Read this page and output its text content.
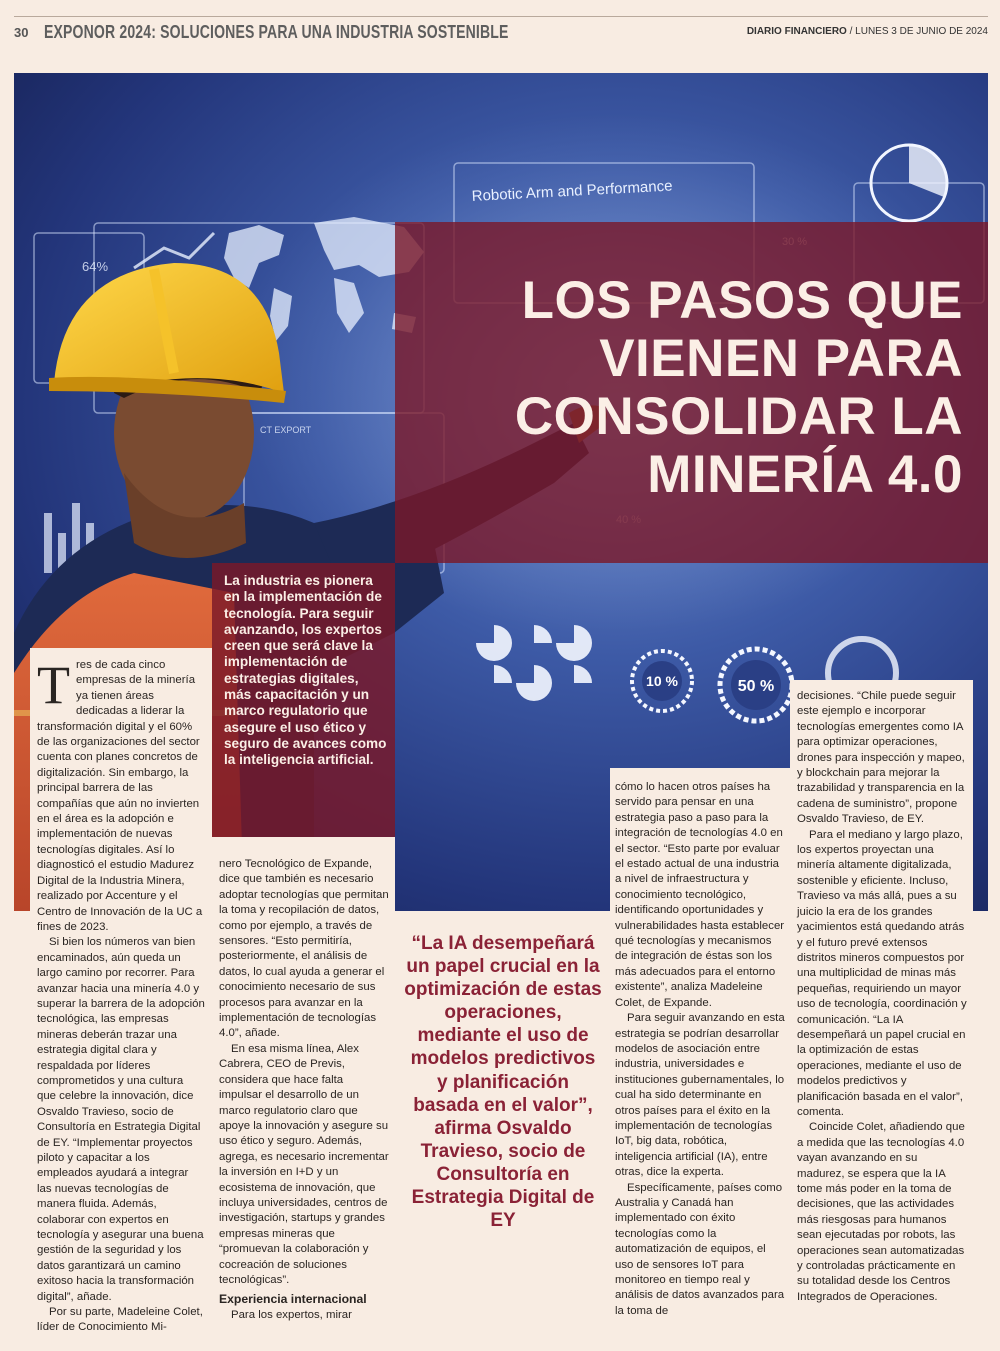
30 EXPONOR 2024: SOLUCIONES PARA UNA INDUSTRIA SOSTENIBLE	DIARIO FINANCIERO / LUNES 3 DE JUNIO DE 2024
Robotic Arm and Performance
64%
CT EXPORT
10 %	50 %
LOS PASOS QUE
VIENEN PARA
CONSOLIDAR LA
MINERÍA 4.0

La industria es pionera en la implementación de tecnología. Para seguir avanzando, los expertos creen que será clave la implementación de estrategias digitales, más capacitación y un marco regulatorio que asegure el uso ético y seguro de avances como la inteligencia artificial.

Tres de cada cinco empresas de la minería ya tienen áreas dedicadas a liderar la transformación digital y el 60% de las organizaciones del sector cuenta con planes concretos de digitalización. Sin embargo, la principal barrera de las compañías que aún no invierten en el área es la adopción e implementación de nuevas tecnologías digitales. Así lo diagnosticó el estudio Madurez Digital de la Industria Minera, realizado por Accenture y el Centro de Innovación de la UC a fines de 2023.

Si bien los números van bien encaminados, aún queda un largo camino por recorrer. Para avanzar hacia una minería 4.0 y superar la barrera de la adopción tecnológica, las empresas mineras deberán trazar una estrategia digital clara y respaldada por líderes comprometidos y una cultura que celebre la innovación, dice Osvaldo Travieso, socio de Consultoría en Estrategia Digital de EY. “Implementar proyectos piloto y capacitar a los empleados ayudará a integrar las nuevas tecnologías de manera fluida. Además, colaborar con expertos en tecnología y asegurar una buena gestión de la seguridad y los datos garantizará un camino exitoso hacia la transformación digital”, añade.

Por su parte, Madeleine Colet, líder de Conocimiento Mi-

nero Tecnológico de Expande, dice que también es necesario adoptar tecnologías que permitan la toma y recopilación de datos, como por ejemplo, a través de sensores. “Esto permitiría, posteriormente, el análisis de datos, lo cual ayuda a generar el conocimiento necesario de sus procesos para avanzar en la implementación de tecnologías 4.0”, añade.

En esa misma línea, Alex Cabrera, CEO de Previs, considera que hace falta impulsar el desarrollo de un marco regulatorio claro que apoye la innovación y asegure su uso ético y seguro. Además, agrega, es necesario incrementar la inversión en I+D y un ecosistema de innovación, que incluya universidades, centros de investigación, startups y grandes empresas mineras que “promuevan la colaboración y cocreación de soluciones tecnológicas”.

Experiencia internacional

Para los expertos, mirar

“La IA desempeñará un papel crucial en la optimización de estas operaciones, mediante el uso de modelos predictivos y planificación basada en el valor”, afirma Osvaldo Travieso, socio de Consultoría en Estrategia Digital de EY

cómo lo hacen otros países ha servido para pensar en una estrategia paso a paso para la integración de tecnologías 4.0 en el sector. “Esto parte por evaluar el estado actual de una industria a nivel de infraestructura y conocimiento tecnológico, identificando oportunidades y vulnerabilidades hasta establecer qué tecnologías y mecanismos de integración de éstas son los más adecuados para el entorno existente”, analiza Madeleine Colet, de Expande.

Para seguir avanzando en esta estrategia se podrían desarrollar modelos de asociación entre industria, universidades e instituciones gubernamentales, lo cual ha sido determinante en otros países para el éxito en la implementación de tecnologías IoT, big data, robótica, inteligencia artificial (IA), entre otras, dice la experta.

Específicamente, países como Australia y Canadá han implementado con éxito tecnologías como la automatización de equipos, el uso de sensores IoT para monitoreo en tiempo real y análisis de datos avanzados para la toma de

decisiones. “Chile puede seguir este ejemplo e incorporar tecnologías emergentes como IA para optimizar operaciones, drones para inspección y mapeo, y blockchain para mejorar la trazabilidad y transparencia en la cadena de suministro”, propone Osvaldo Travieso, de EY.

Para el mediano y largo plazo, los expertos proyectan una minería altamente digitalizada, sostenible y eficiente. Incluso, Travieso va más allá, pues a su juicio la era de los grandes yacimientos está quedando atrás y el futuro prevé extensos distritos mineros compuestos por una multiplicidad de minas más pequeñas, requiriendo un mayor uso de tecnología, coordinación y comunicación. “La IA desempeñará un papel crucial en la optimización de estas operaciones, mediante el uso de modelos predictivos y planificación basada en el valor”, comenta.

Coincide Colet, añadiendo que a medida que las tecnologías 4.0 vayan avanzando en su madurez, se espera que la IA tome más poder en la toma de decisiones, que las actividades más riesgosas para humanos sean ejecutadas por robots, las operaciones sean automatizadas y controladas prácticamente en su totalidad desde los Centros Integrados de Operaciones.
